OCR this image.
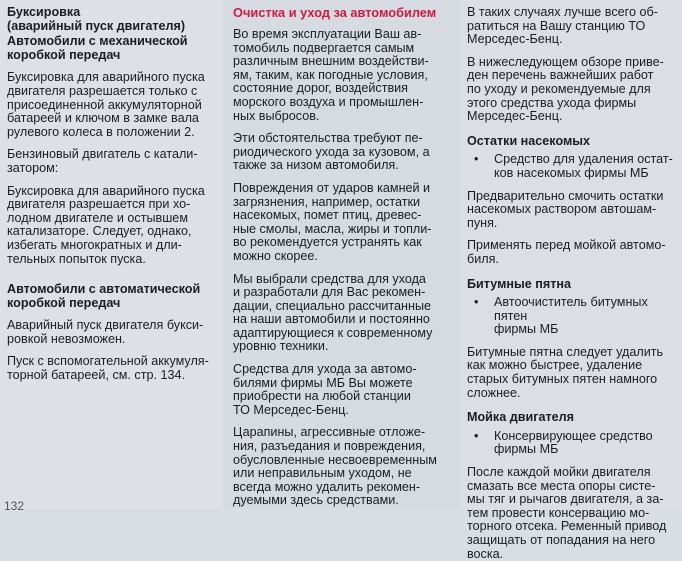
Буксировка
(аварийный пуск двигателя)
Автомобили с механической
коробкой передач
Буксировка для аварийного пуска
двигателя разрешается только с
присоединенной аккумуляторной
батареей и ключом в замке вала
рулевого колеса в положении 2.
Бензиновый двигатель с катали-
затором:
Буксировка для аварийного пуска
двигателя разрешается при хо-
лодном двигателе и остывшем
катализаторе. Следует, однако,
избегать многократных и дли-
тельных попыток пуска.
Автомобили с автоматической
коробкой передач
Аварийный пуск двигателя букси-
ровкой невозможен.
Пуск с вспомогательной аккумуля-
торной батареей, см. стр. 134.
132
Очистка и уход за автомобилем
Во время эксплуатации Ваш ав-
томобиль подвергается самым
различным внешним воздействи-
ям, таким, как погодные условия,
состояние дорог, воздействия
морского воздуха и промышлен-
ных выбросов.
Эти обстоятельства требуют пе-
риодического ухода за кузовом, а
также за низом автомобиля.
Повреждения от ударов камней и
загрязнения, например, остатки
насекомых, помет птиц, древес-
ные смолы, масла, жиры и топли-
во рекомендуется устранять как
можно скорее.
Мы выбрали средства для ухода
и разработали для Вас рекомен-
дации, специально рассчитанные
на наши автомобили и постоянно
адаптирующиеся к современному
уровню техники.
Средства для ухода за автомо-
билями фирмы МБ Вы можете
приобрести на любой станции
ТО Мерседес-Бенц.
Царапины, агрессивные отложе-
ния, разъедания и повреждения,
обусловленные несвоевременным
или неправильным уходом, не
всегда можно удалить рекомен-
дуемыми здесь средствами.
В таких случаях лучше всего об-
ратиться на Вашу станцию ТО
Мерседес-Бенц.
В нижеследующем обзоре приве-
ден перечень важнейших работ
по уходу и рекомендуемые для
этого средства ухода фирмы
Мерседес-Бенц.
Остатки насекомых
• Средство для удаления остат-
ков насекомых фирмы МБ
Предварительно смочить остатки
насекомых раствором автошам-
пуня.
Применять перед мойкой автомо-
биля.
Битумные пятна
• Автоочиститель битумных пятен
фирмы МБ
Битумные пятна следует удалить
как можно быстрее, удаление
старых битумных пятен намного
сложнее.
Мойка двигателя
• Консервирующее средство
фирмы МБ
После каждой мойки двигателя
смазать все места опоры систе-
мы тяг и рычагов двигателя, а за-
тем провести консервацию мо-
торного отсека. Ременный привод
защищать от попадания на него
воска.
